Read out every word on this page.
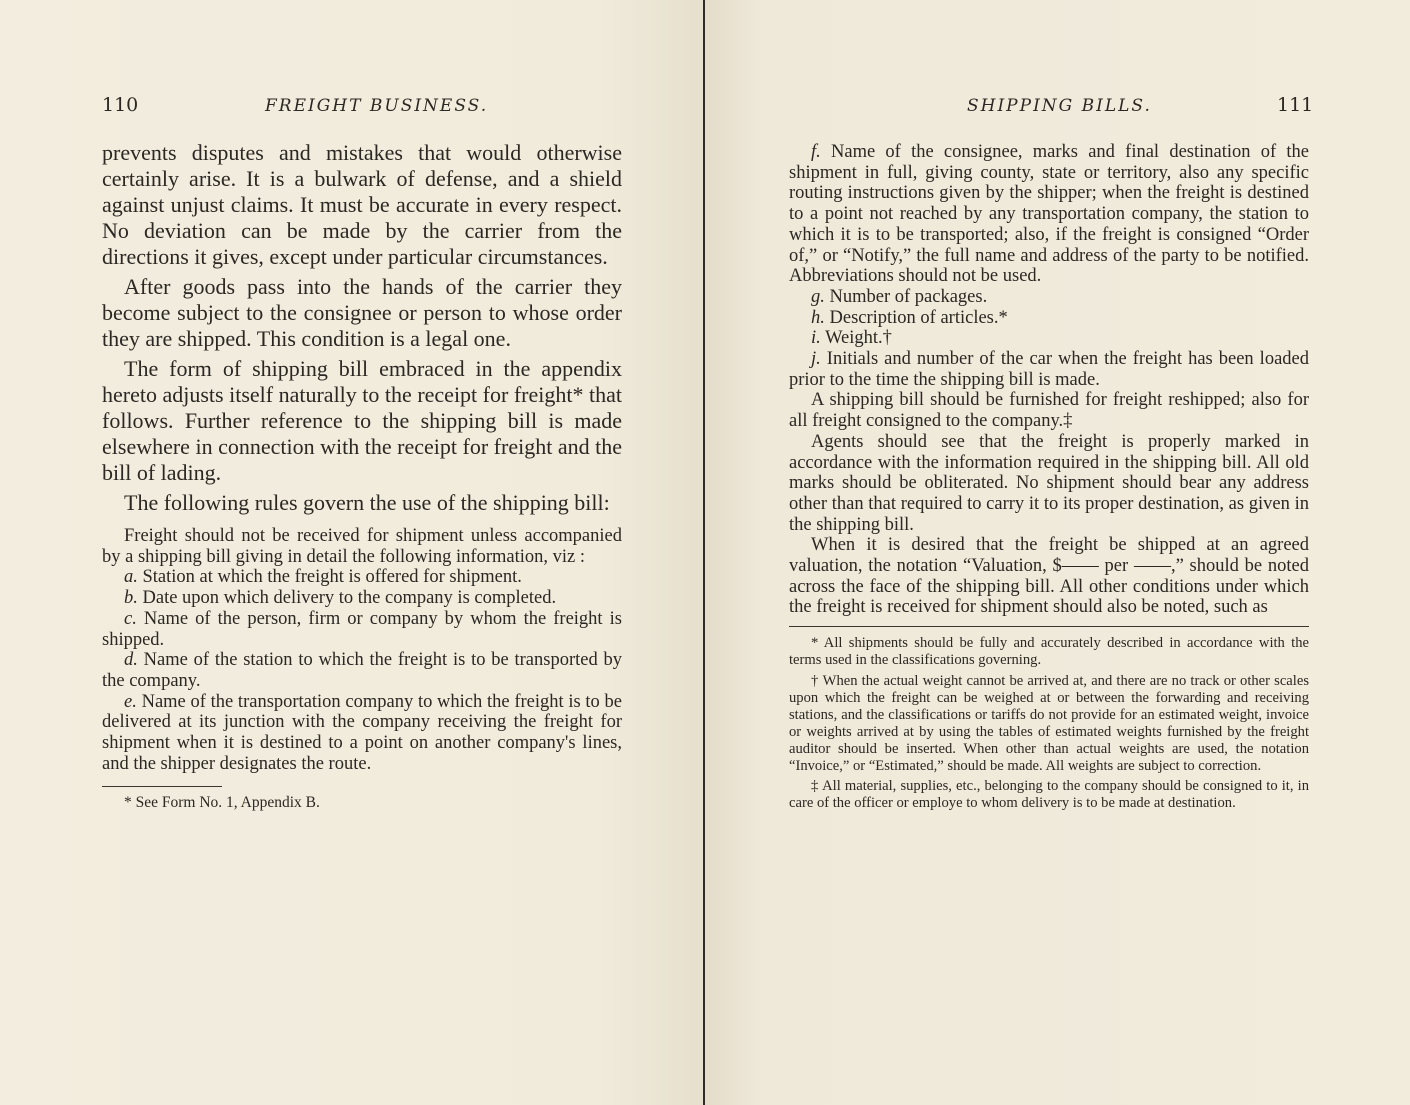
110	FREIGHT BUSINESS.

prevents disputes and mistakes that would otherwise certainly arise. It is a bulwark of defense, and a shield against unjust claims. It must be accurate in every respect. No deviation can be made by the carrier from the directions it gives, except under particular circumstances.

After goods pass into the hands of the carrier they become subject to the consignee or person to whose order they are shipped. This condition is a legal one.

The form of shipping bill embraced in the appendix hereto adjusts itself naturally to the receipt for freight* that follows. Further reference to the shipping bill is made elsewhere in connection with the receipt for freight and the bill of lading.

The following rules govern the use of the shipping bill:

Freight should not be received for shipment unless accompanied by a shipping bill giving in detail the following information, viz :

a. Station at which the freight is offered for shipment.

b. Date upon which delivery to the company is completed.

c. Name of the person, firm or company by whom the freight is shipped.

d. Name of the station to which the freight is to be transported by the company.

e. Name of the transportation company to which the freight is to be delivered at its junction with the company receiving the freight for shipment when it is destined to a point on another company's lines, and the shipper designates the route.

* See Form No. 1, Appendix B.

SHIPPING BILLS.	111

f. Name of the consignee, marks and final destination of the shipment in full, giving county, state or territory, also any specific routing instructions given by the shipper; when the freight is destined to a point not reached by any transportation company, the station to which it is to be transported; also, if the freight is consigned “Order of,” or “Notify,” the full name and address of the party to be notified. Abbreviations should not be used.

g. Number of packages.

h. Description of articles.*

i. Weight.†

j. Initials and number of the car when the freight has been loaded prior to the time the shipping bill is made.

A shipping bill should be furnished for freight reshipped; also for all freight consigned to the company.‡

Agents should see that the freight is properly marked in accordance with the information required in the shipping bill. All old marks should be obliterated. No shipment should bear any address other than that required to carry it to its proper destination, as given in the shipping bill.

When it is desired that the freight be shipped at an agreed valuation, the notation “Valuation, $—— per ——,” should be noted across the face of the shipping bill. All other conditions under which the freight is received for shipment should also be noted, such as

* All shipments should be fully and accurately described in accordance with the terms used in the classifications governing.

† When the actual weight cannot be arrived at, and there are no track or other scales upon which the freight can be weighed at or between the forwarding and receiving stations, and the classifications or tariffs do not provide for an estimated weight, invoice or weights arrived at by using the tables of estimated weights furnished by the freight auditor should be inserted. When other than actual weights are used, the notation “Invoice,” or “Estimated,” should be made. All weights are subject to correction.

‡ All material, supplies, etc., belonging to the company should be consigned to it, in care of the officer or employe to whom delivery is to be made at destination.
